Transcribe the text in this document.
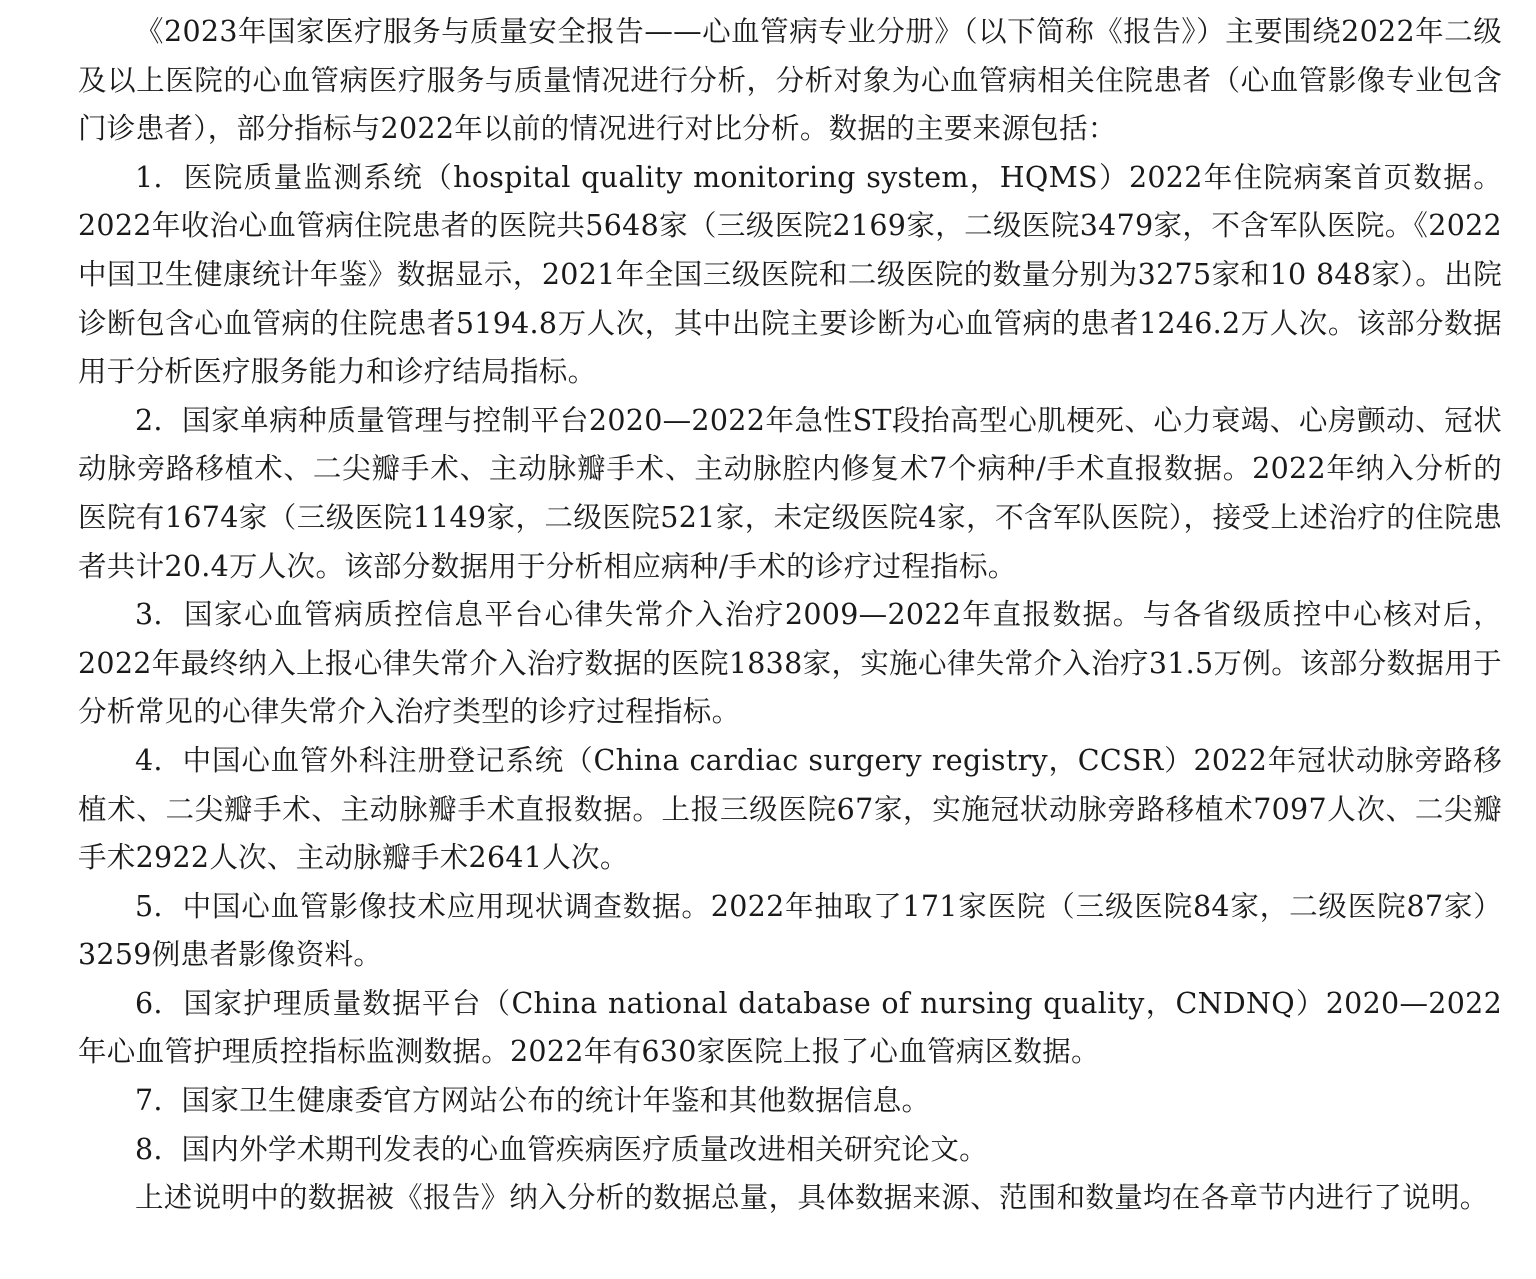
《2023年国家医疗服务与质量安全报告——心血管病专业分册》（以下简称《报告》）主要围绕2022年二级及以上医院的心血管病医疗服务与质量情况进行分析，分析对象为心血管病相关住院患者（心血管影像专业包含门诊患者），部分指标与2022年以前的情况进行对比分析。数据的主要来源包括：

1. 医院质量监测系统（hospital quality monitoring system，HQMS）2022年住院病案首页数据。2022年收治心血管病住院患者的医院共5648家（三级医院2169家，二级医院3479家，不含军队医院。《2022中国卫生健康统计年鉴》数据显示，2021年全国三级医院和二级医院的数量分别为3275家和10 848家）。出院诊断包含心血管病的住院患者5194.8万人次，其中出院主要诊断为心血管病的患者1246.2万人次。该部分数据用于分析医疗服务能力和诊疗结局指标。

2. 国家单病种质量管理与控制平台2020—2022年急性ST段抬高型心肌梗死、心力衰竭、心房颤动、冠状动脉旁路移植术、二尖瓣手术、主动脉瓣手术、主动脉腔内修复术7个病种/手术直报数据。2022年纳入分析的医院有1674家（三级医院1149家，二级医院521家，未定级医院4家，不含军队医院），接受上述治疗的住院患者共计20.4万人次。该部分数据用于分析相应病种/手术的诊疗过程指标。

3. 国家心血管病质控信息平台心律失常介入治疗2009—2022年直报数据。与各省级质控中心核对后，2022年最终纳入上报心律失常介入治疗数据的医院1838家，实施心律失常介入治疗31.5万例。该部分数据用于分析常见的心律失常介入治疗类型的诊疗过程指标。

4. 中国心血管外科注册登记系统（China cardiac surgery registry，CCSR）2022年冠状动脉旁路移植术、二尖瓣手术、主动脉瓣手术直报数据。上报三级医院67家，实施冠状动脉旁路移植术7097人次、二尖瓣手术2922人次、主动脉瓣手术2641人次。

5. 中国心血管影像技术应用现状调查数据。2022年抽取了171家医院（三级医院84家，二级医院87家）3259例患者影像资料。

6. 国家护理质量数据平台（China national database of nursing quality，CNDNQ）2020—2022年心血管护理质控指标监测数据。2022年有630家医院上报了心血管病区数据。

7. 国家卫生健康委官方网站公布的统计年鉴和其他数据信息。

8. 国内外学术期刊发表的心血管疾病医疗质量改进相关研究论文。

上述说明中的数据被《报告》纳入分析的数据总量，具体数据来源、范围和数量均在各章节内进行了说明。
